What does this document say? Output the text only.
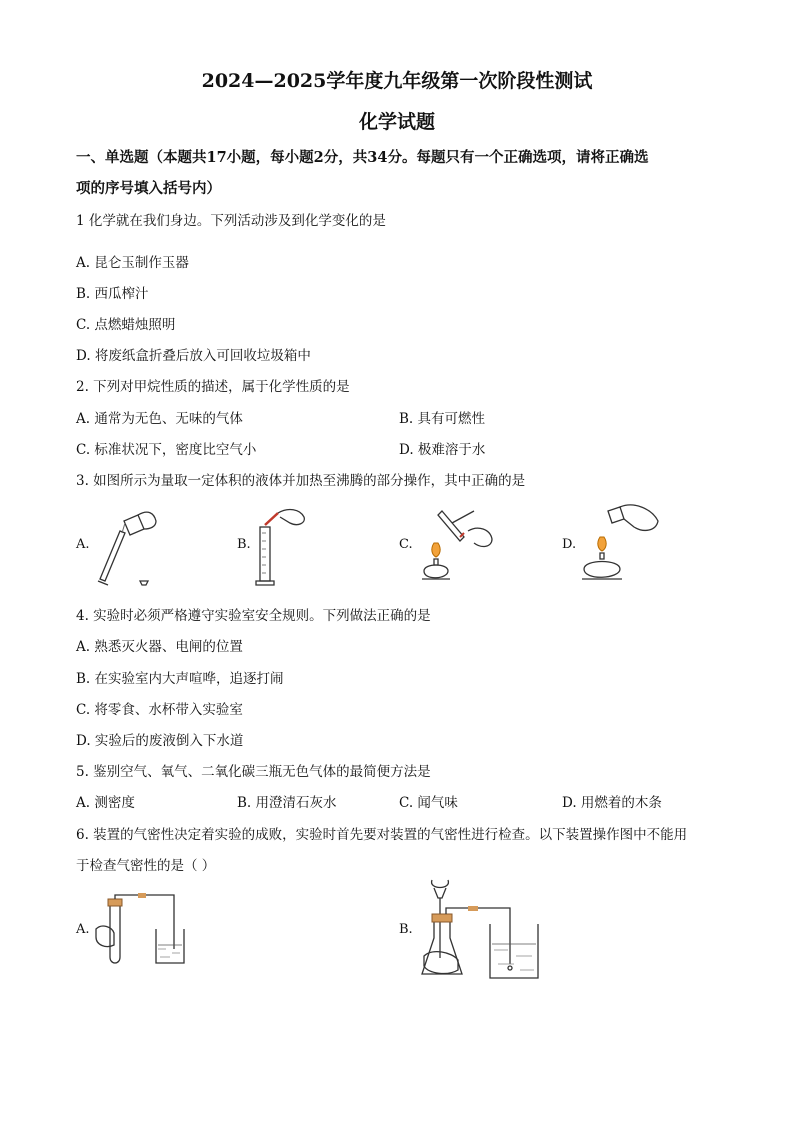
2024—2025学年度九年级第一次阶段性测试
化学试题
一、单选题（本题共17小题，每小题2分，共34分。每题只有一个正确选项，请将正确选
项的序号填入括号内）
1 化学就在我们身边。下列活动涉及到化学变化的是
A. 昆仑玉制作玉器
B. 西瓜榨汁
C. 点燃蜡烛照明
D. 将废纸盒折叠后放入可回收垃圾箱中
2. 下列对甲烷性质的描述，属于化学性质的是
A. 通常为无色、无味的气体	B. 具有可燃性
C. 标准状况下，密度比空气小	D. 极难溶于水
3. 如图所示为量取一定体积的液体并加热至沸腾的部分操作，其中正确的是
A.	B.	C.	D.
4. 实验时必须严格遵守实验室安全规则。下列做法正确的是
A. 熟悉灭火器、电闸的位置
B. 在实验室内大声喧哗，追逐打闹
C. 将零食、水杯带入实验室
D. 实验后的废液倒入下水道
5. 鉴别空气、氧气、二氧化碳三瓶无色气体的最简便方法是
A. 测密度	B. 用澄清石灰水	C. 闻气味	D. 用燃着的木条
6. 装置的气密性决定着实验的成败，实验时首先要对装置的气密性进行检查。以下装置操作图中不能用
于检查气密性的是（ ）
A.	B.
